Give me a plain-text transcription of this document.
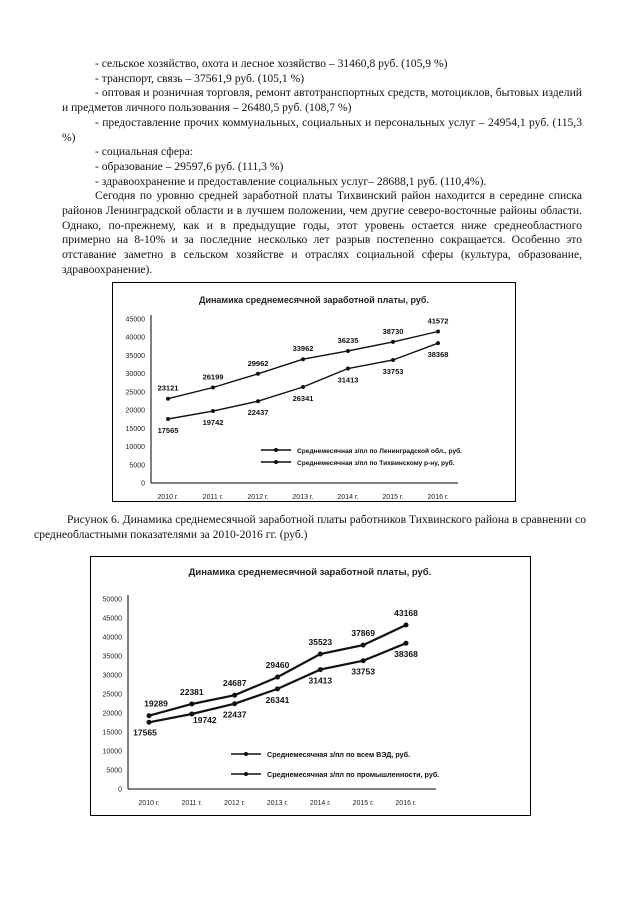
- сельское хозяйство, охота и лесное хозяйство – 31460,8 руб. (105,9 %)

- транспорт, связь – 37561,9 руб. (105,1 %)

- оптовая и розничная торговля, ремонт автотранспортных средств, мотоциклов, бытовых изделий и предметов личного пользования – 26480,5 руб. (108,7 %)

- предоставление прочих коммунальных, социальных и персональных услуг – 24954,1 руб. (115,3 %)

- социальная сфера:

- образование – 29597,6 руб. (111,3 %)

- здравоохранение и предоставление социальных услуг– 28688,1 руб. (110,4%).

Сегодня по уровню средней заработной платы Тихвинский район находится в середине списка районов Ленинградской области и в лучшем положении, чем другие северо-восточные районы области. Однако, по-прежнему, как и в предыдущие годы, этот уровень остается ниже среднеобластного примерно на 8-10% и за последние несколько лет разрыв постепенно сокращается. Особенно это отставание заметно в сельском хозяйстве и отраслях социальной сферы (культура, образование, здравоохранение).

Динамика среднемесячной заработной платы, руб.
0
5000
10000
15000
20000
25000
30000
35000
40000
45000
2010 г.	2011 г.	2012 г.	2013 г.	2014 г.	2015 г.	2016 г.
23121
26199
29962
33962
36235
38730
41572
Среднемесячная з/пл по Ленинградской обл., руб.
17565
19742
22437
26341
31413
33753
38368
Среднемесячная з/пл по Тихвинскому р-ну, руб.

Рисунок 6. Динамика среднемесячной заработной платы работников Тихвинского района в сравнении со среднеобластными показателями за 2010-2016 гг. (руб.)

Динамика среднемесячной заработной платы, руб.
0
5000
10000
15000
20000
25000
30000
35000
40000
45000
50000
2010 г.	2011 г.	2012 г.	2013 г.	2014 г.	2015 г.	2016 г.
19289
22381
24687
29460
35523
37869
43168
Среднемесячная з/пл по всем ВЭД, руб.
17565
19742
22437
26341
31413
33753
38368
Среднемесячная з/пл по промышленности, руб.
